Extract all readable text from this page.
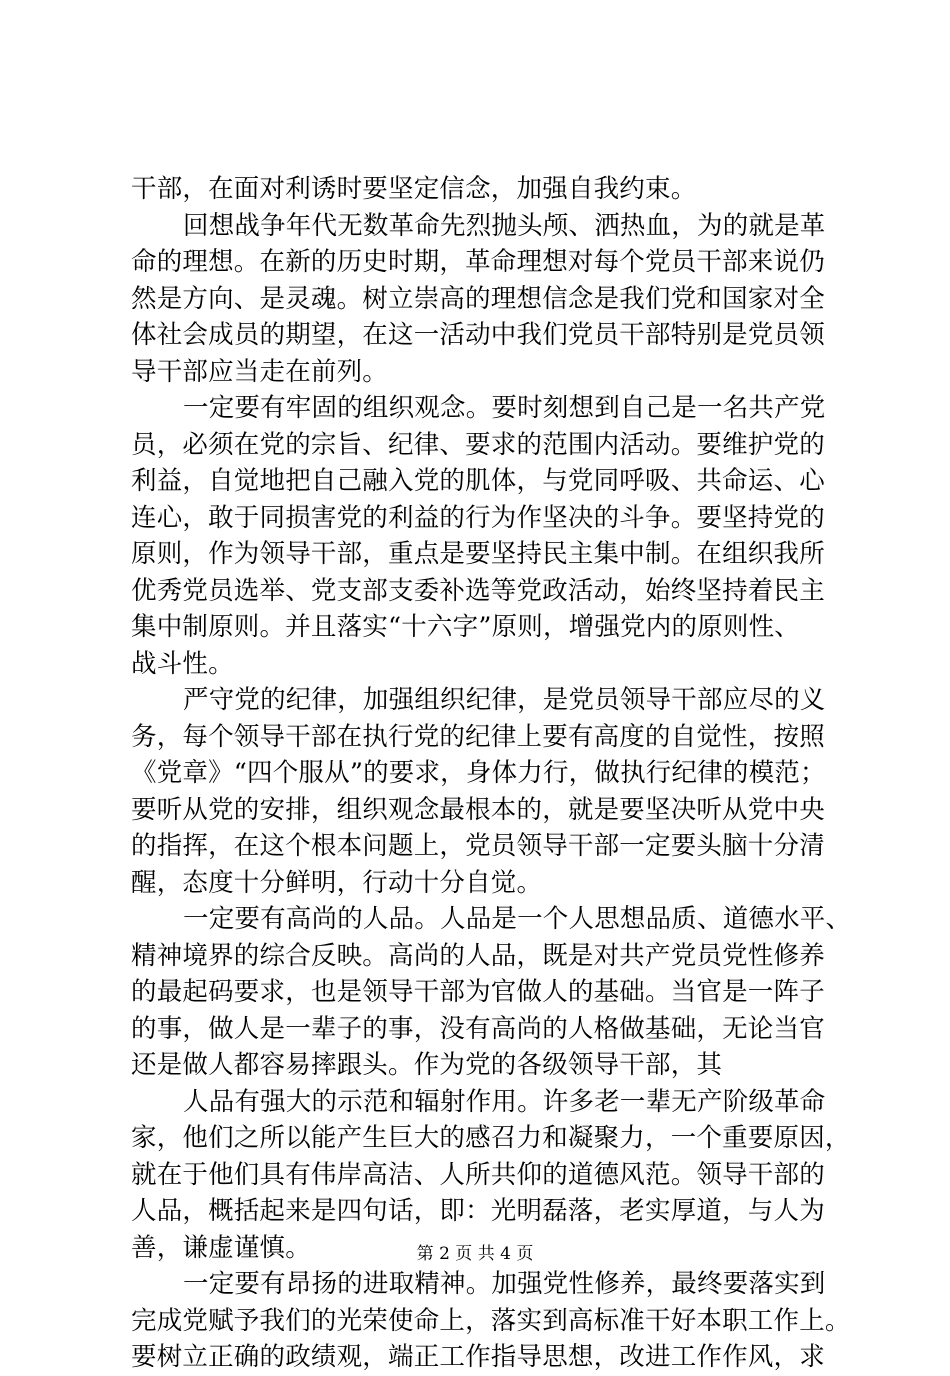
干部，在面对利诱时要坚定信念，加强自我约束。
回想战争年代无数革命先烈抛头颅、洒热血，为的就是革
命的理想。在新的历史时期，革命理想对每个党员干部来说仍
然是方向、是灵魂。树立崇高的理想信念是我们党和国家对全
体社会成员的期望，在这一活动中我们党员干部特别是党员领
导干部应当走在前列。
一定要有牢固的组织观念。要时刻想到自己是一名共产党
员，必须在党的宗旨、纪律、要求的范围内活动。要维护党的
利益，自觉地把自己融入党的肌体，与党同呼吸、共命运、心
连心，敢于同损害党的利益的行为作坚决的斗争。要坚持党的
原则，作为领导干部，重点是要坚持民主集中制。在组织我所
优秀党员选举、党支部支委补选等党政活动，始终坚持着民主
集中制原则。并且落实“十六字”原则，增强党内的原则性、
战斗性。
严守党的纪律，加强组织纪律，是党员领导干部应尽的义
务，每个领导干部在执行党的纪律上要有高度的自觉性，按照
《党章》“四个服从”的要求，身体力行，做执行纪律的模范；
要听从党的安排，组织观念最根本的，就是要坚决听从党中央
的指挥，在这个根本问题上，党员领导干部一定要头脑十分清
醒，态度十分鲜明，行动十分自觉。
一定要有高尚的人品。人品是一个人思想品质、道德水平、
精神境界的综合反映。高尚的人品，既是对共产党员党性修养
的最起码要求，也是领导干部为官做人的基础。当官是一阵子
的事，做人是一辈子的事，没有高尚的人格做基础，无论当官
还是做人都容易摔跟头。作为党的各级领导干部，其
人品有强大的示范和辐射作用。许多老一辈无产阶级革命
家，他们之所以能产生巨大的感召力和凝聚力，一个重要原因，
就在于他们具有伟岸高洁、人所共仰的道德风范。领导干部的
人品，概括起来是四句话，即：光明磊落，老实厚道，与人为
善，谦虚谨慎。
一定要有昂扬的进取精神。加强党性修养，最终要落实到
完成党赋予我们的光荣使命上，落实到高标准干好本职工作上。
要树立正确的政绩观，端正工作指导思想，改进工作作风，求
第 2 页 共 4 页
